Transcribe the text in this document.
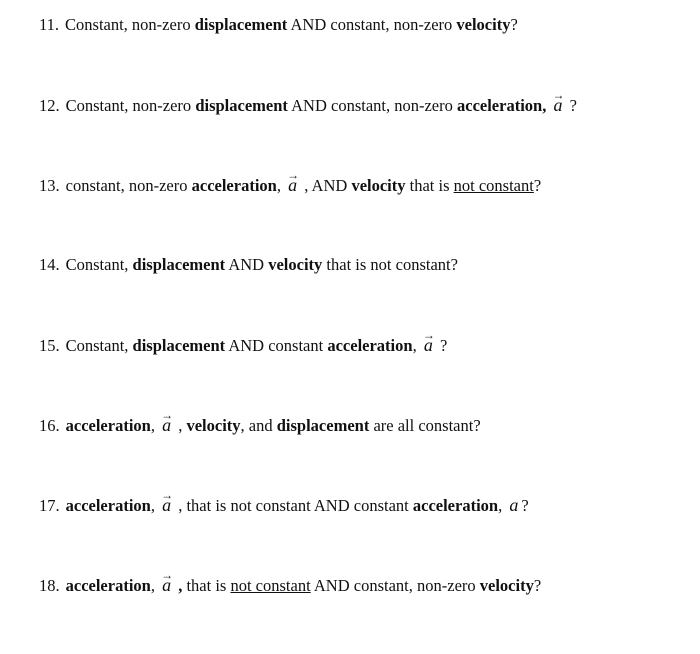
11. Constant, non-zero displacement AND constant, non-zero velocity?
12. Constant, non-zero displacement AND constant, non-zero acceleration, → a ?
13. constant, non-zero acceleration, → a , AND velocity that is not constant?
14. Constant, displacement AND velocity that is not constant?
15. Constant, displacement AND constant acceleration, → a ?
16. acceleration, → a , velocity, and displacement are all constant?
17. acceleration, → a , that is not constant AND constant acceleration, a ?
18. acceleration, → a , that is not constant AND constant, non-zero velocity?
